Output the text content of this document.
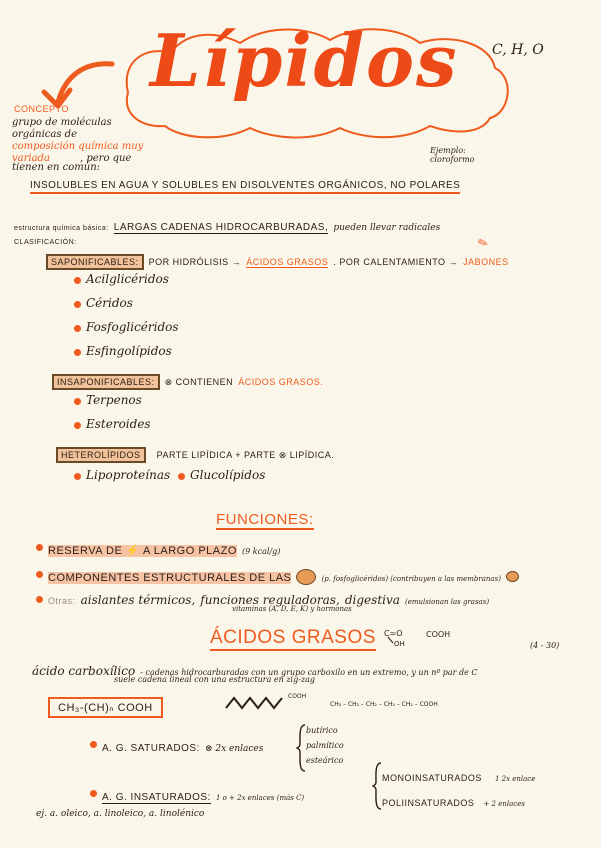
Lípidos C, H, O
CONCEPTO
grupo de moléculas
orgánicas de
composición química muy variada	, pero que
tienen en común:
Ejemplo: cloroformo
INSOLUBLES EN AGUA Y SOLUBLES EN DISOLVENTES ORGÁNICOS, NO POLARES
estructura química básica: LARGAS CADENAS HIDROCARBURADAS, pueden llevar radicales
CLASIFICACIÓN:	✎
SAPONIFICABLES: POR HIDRÓLISIS → ÁCIDOS GRASOS . POR CALENTAMIENTO → JABONES
Acilglicéridos
Céridos
Fosfoglicéridos
Esfingolípidos
INSAPONIFICABLES: ⊗ CONTIENEN ÁCIDOS GRASOS.
Terpenos
Esteroides
HETEROLÍPIDOS PARTE LIPÍDICA + PARTE ⊗ LIPÍDICA.
Lipoproteínas Glucolípidos
FUNCIONES:
RESERVA DE ⚡ A LARGO PLAZO (9 kcal/g)
COMPONENTES ESTRUCTURALES DE LAS	(p. fosfoglicéridos) (contribuyen a las membranas)
Otras: aislantes térmicos, funciones reguladoras, digestiva (emulsionan las grasas)
vitaminas (A, D, E, K) y hormonas
ÁCIDOS GRASOS C=O
OH
COOH
(4 - 30)
ácido carboxílico - cadenas hidrocarburadas con un grupo carboxilo en un extremo, y un nº par de C
suele cadena lineal con una estructura en zig-zag
CH₃-(CH)ₙ COOH
COOH
CH₃ – CH₂ – CH₂ – CH₂ – CH₂ – COOH
A. G. SATURADOS: ⊗ 2x enlaces
butírico
palmítico
esteárico
A. G. INSATURADOS: 1 o + 2x enlaces (más C)
MONOINSATURADOS 1 2x enlace
POLIINSATURADOS + 2 enlaces
ej. a. oleico, a. linoleico, a. linolénico
